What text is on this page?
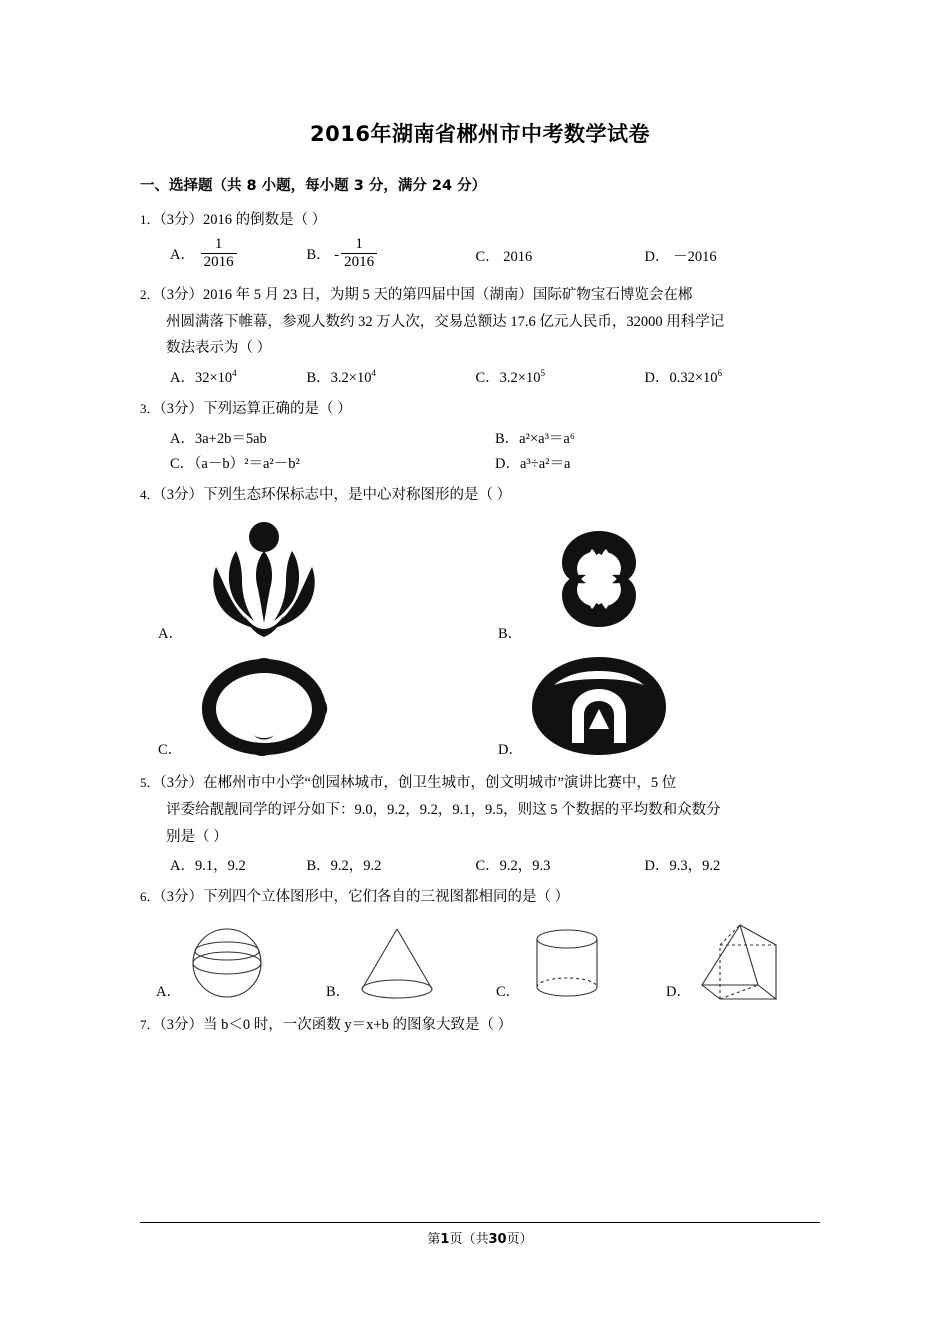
2016年湖南省郴州市中考数学试卷
一、选择题（共 8 小题，每小题 3 分，满分 24 分）
1．（3分）2016 的倒数是（ ）
A． $\frac{1}{2016}$	B． - $\frac{1}{2016}$	C． 2016	D． －2016
2．（3分）2016 年 5 月 23 日，为期 5 天的第四届中国（湖南）国际矿物宝石博览会在郴
州圆满落下帷幕，参观人数约 32 万人次，交易总额达 17.6 亿元人民币，32000 用科学记
数法表示为（ ）
A．$32\times 10^4$	B．$3.2\times 10^4$	C．$3.2\times 10^5$	D．$0.32\times 10^6$
3．（3分）下列运算正确的是（ ）
A．3a+2b＝5ab	B．a²×a³＝a⁶
C．（a－b）²＝a²－b²	D．a³÷a²＝a
4．（3分）下列生态环保标志中，是中心对称图形的是（ ）
A．	B．
C．	D．
5．（3分）在郴州市中小学“创园林城市，创卫生城市，创文明城市”演讲比赛中，5 位
评委给靓靓同学的评分如下：9.0，9.2，9.2，9.1，9.5，则这 5 个数据的平均数和众数分
别是（ ）
A．9.1，9.2	B．9.2，9.2	C．9.2，9.3	D．9.3，9.2
6．（3分）下列四个立体图形中，它们各自的三视图都相同的是（ ）
A．	B．	C．	D．
7．（3分）当 b＜0 时，一次函数 y＝x+b 的图象大致是（ ）
第1页（共30页）
